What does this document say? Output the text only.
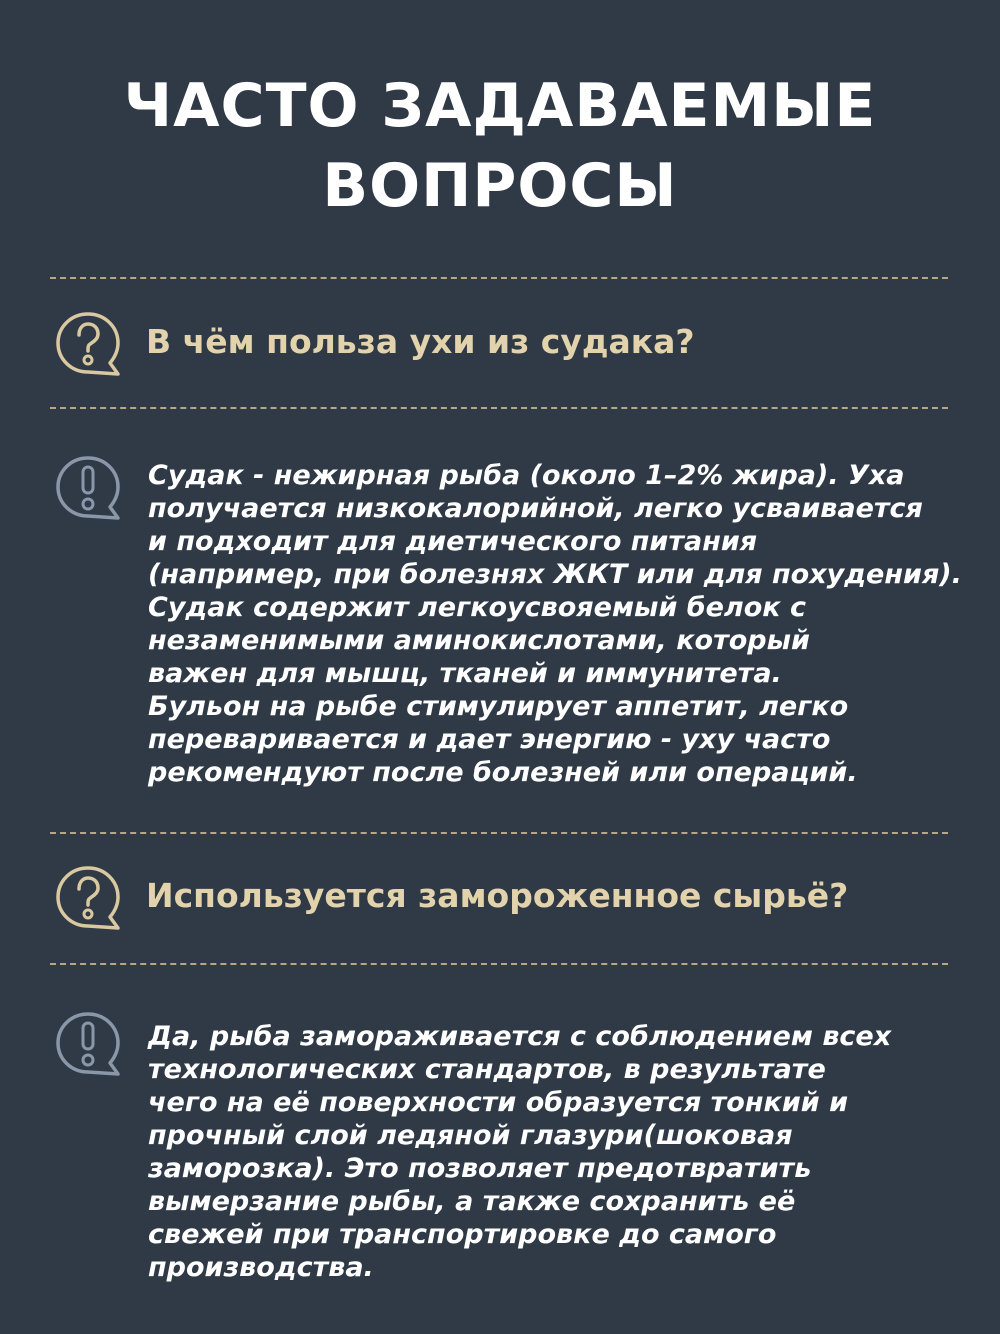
ЧАСТО ЗАДАВАЕМЫЕ
ВОПРОСЫ
В чём польза ухи из судака?
Судак - нежирная рыба (около 1–2% жира). Уха
получается низкокалорийной, легко усваивается
и подходит для диетического питания
(например, при болезнях ЖКТ или для похудения).
Судак содержит легкоусвояемый белок с
незаменимыми аминокислотами, который
важен для мышц, тканей и иммунитета.
Бульон на рыбе стимулирует аппетит, легко
переваривается и дает энергию - уху часто
рекомендуют после болезней или операций.
Используется замороженное сырьё?
Да, рыба замораживается с соблюдением всех
технологических стандартов, в результате
чего на её поверхности образуется тонкий и
прочный слой ледяной глазури(шоковая
заморозка). Это позволяет предотвратить
вымерзание рыбы, а также сохранить её
свежей при транспортировке до самого
производства.
